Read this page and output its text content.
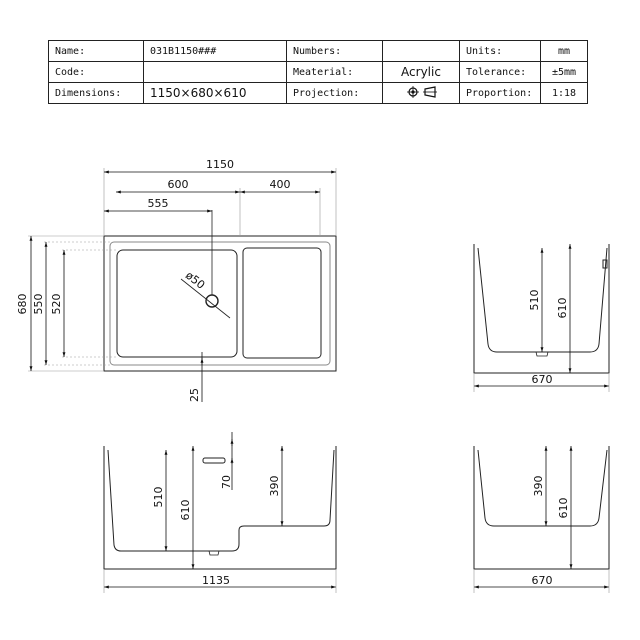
Name:	031B1150###	Numbers:		Units:	mm
Code:		Meaterial:	Acrylic	Tolerance:	±5mm
Dimensions:	1150×680×610	Projection:		Proportion:	1:18
1150
600	400
555
680 550 520
ø50
25
510 610
670
510
610
70	390
1135
390
610
670
